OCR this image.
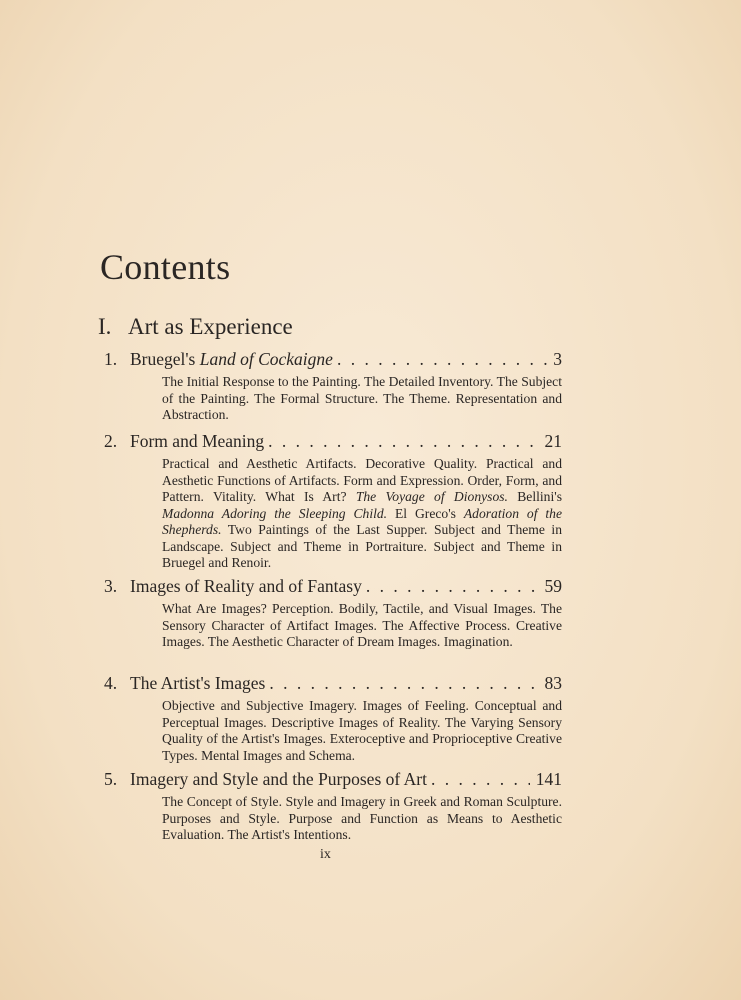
Contents
I. Art as Experience
1. Bruegel's Land of Cockaigne . . .	3

The Initial Response to the Painting. The Detailed Inventory. The Subject of the Painting. The Formal Structure. The Theme. Representation and Abstraction.

2. Form and Meaning . . .	21

Practical and Aesthetic Artifacts. Decorative Quality. Practical and Aesthetic Functions of Artifacts. Form and Expression. Order, Form, and Pattern. Vitality. What Is Art? The Voyage of Dionysos. Bellini's Madonna Adoring the Sleeping Child. El Greco's Adoration of the Shepherds. Two Paintings of the Last Supper. Subject and Theme in Landscape. Subject and Theme in Portraiture. Subject and Theme in Bruegel and Renoir.

3. Images of Reality and of Fantasy . . .	59

What Are Images? Perception. Bodily, Tactile, and Visual Images. The Sensory Character of Artifact Images. The Affective Process. Creative Images. The Aesthetic Character of Dream Images. Imagination.

4. The Artist's Images . . .	83

Objective and Subjective Imagery. Images of Feeling. Conceptual and Perceptual Images. Descriptive Images of Reality. The Varying Sensory Quality of the Artist's Images. Exteroceptive and Proprioceptive Creative Types. Mental Images and Schema.

5. Imagery and Style and the Purposes of Art . . .	141

The Concept of Style. Style and Imagery in Greek and Roman Sculpture. Purposes and Style. Purpose and Function as Means to Aesthetic Evaluation. The Artist's Intentions.

ix
